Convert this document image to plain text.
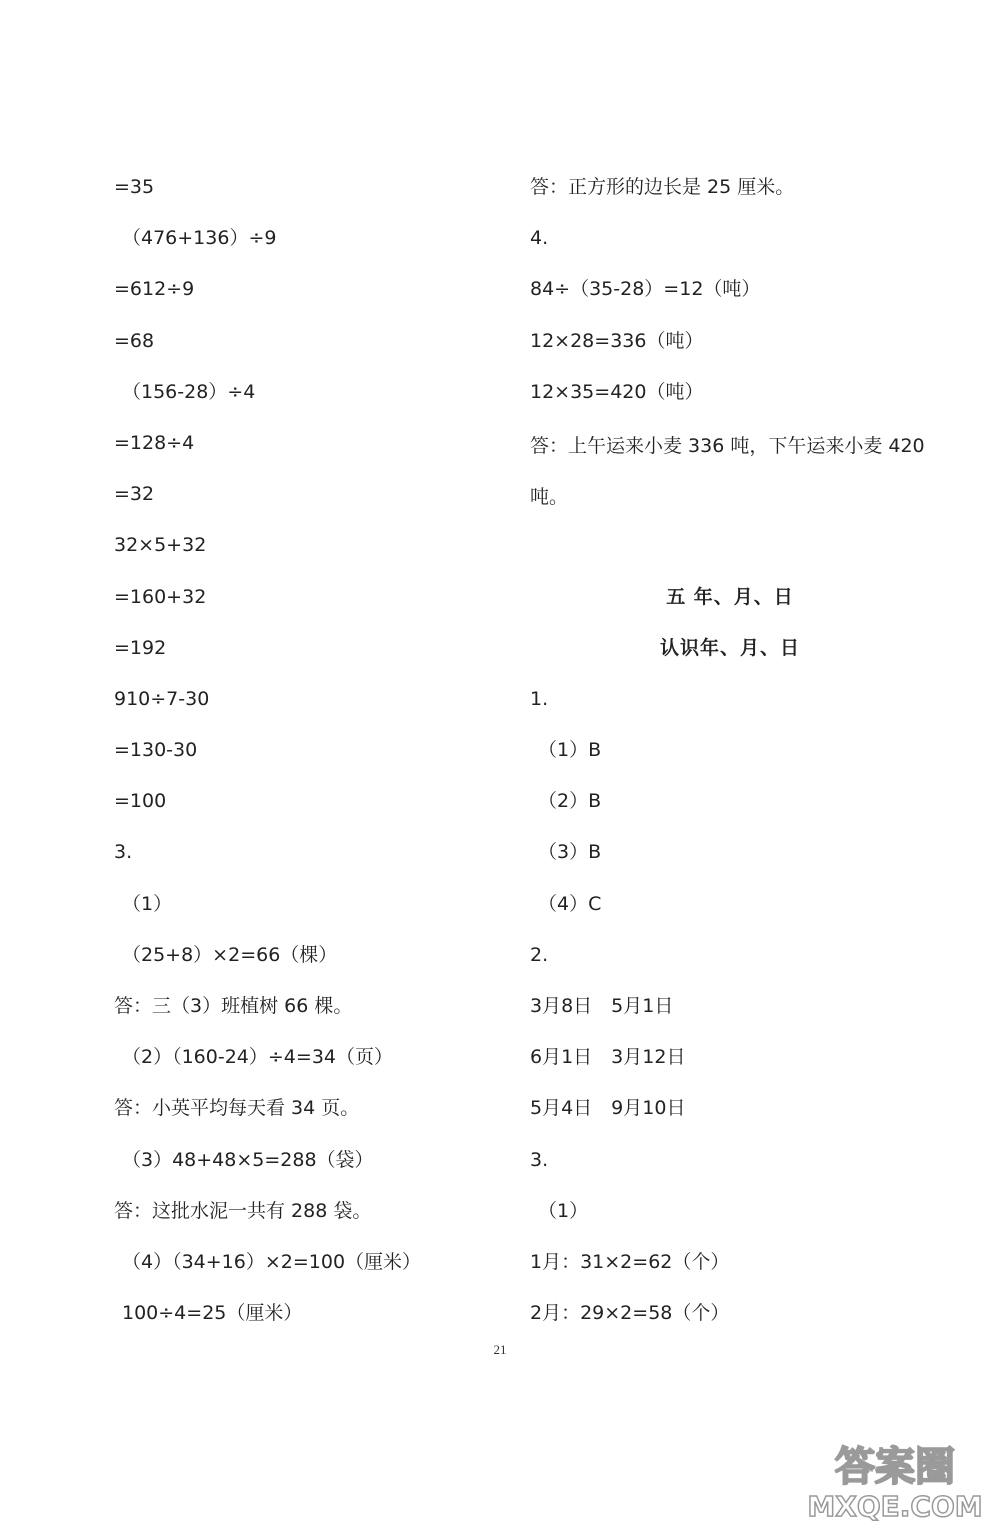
=35
（476+136）÷9
=612÷9
=68
（156-28）÷4
=128÷4
=32
32×5+32
=160+32
=192
910÷7-30
=130-30
=100
3.
（1）
（25+8）×2=66（棵）
答：三（3）班植树 66 棵。
（2）（160-24）÷4=34（页）
答：小英平均每天看 34 页。
（3）48+48×5=288（袋）
答：这批水泥一共有 288 袋。
（4）（34+16）×2=100（厘米）
100÷4=25（厘米）
答：正方形的边长是 25 厘米。
4.
84÷（35-28）=12（吨）
12×28=336（吨）
12×35=420（吨）
答：上午运来小麦 336 吨，下午运来小麦 420 吨。
五 年、月、日
认识年、月、日
1.
（1）B
（2）B
（3）B
（4）C
2.
3月8日　5月1日
6月1日　3月12日
5月4日　9月10日
3.
（1）
1月：31×2=62（个）
2月：29×2=58（个）
21
答案圈
MXQE.COM
